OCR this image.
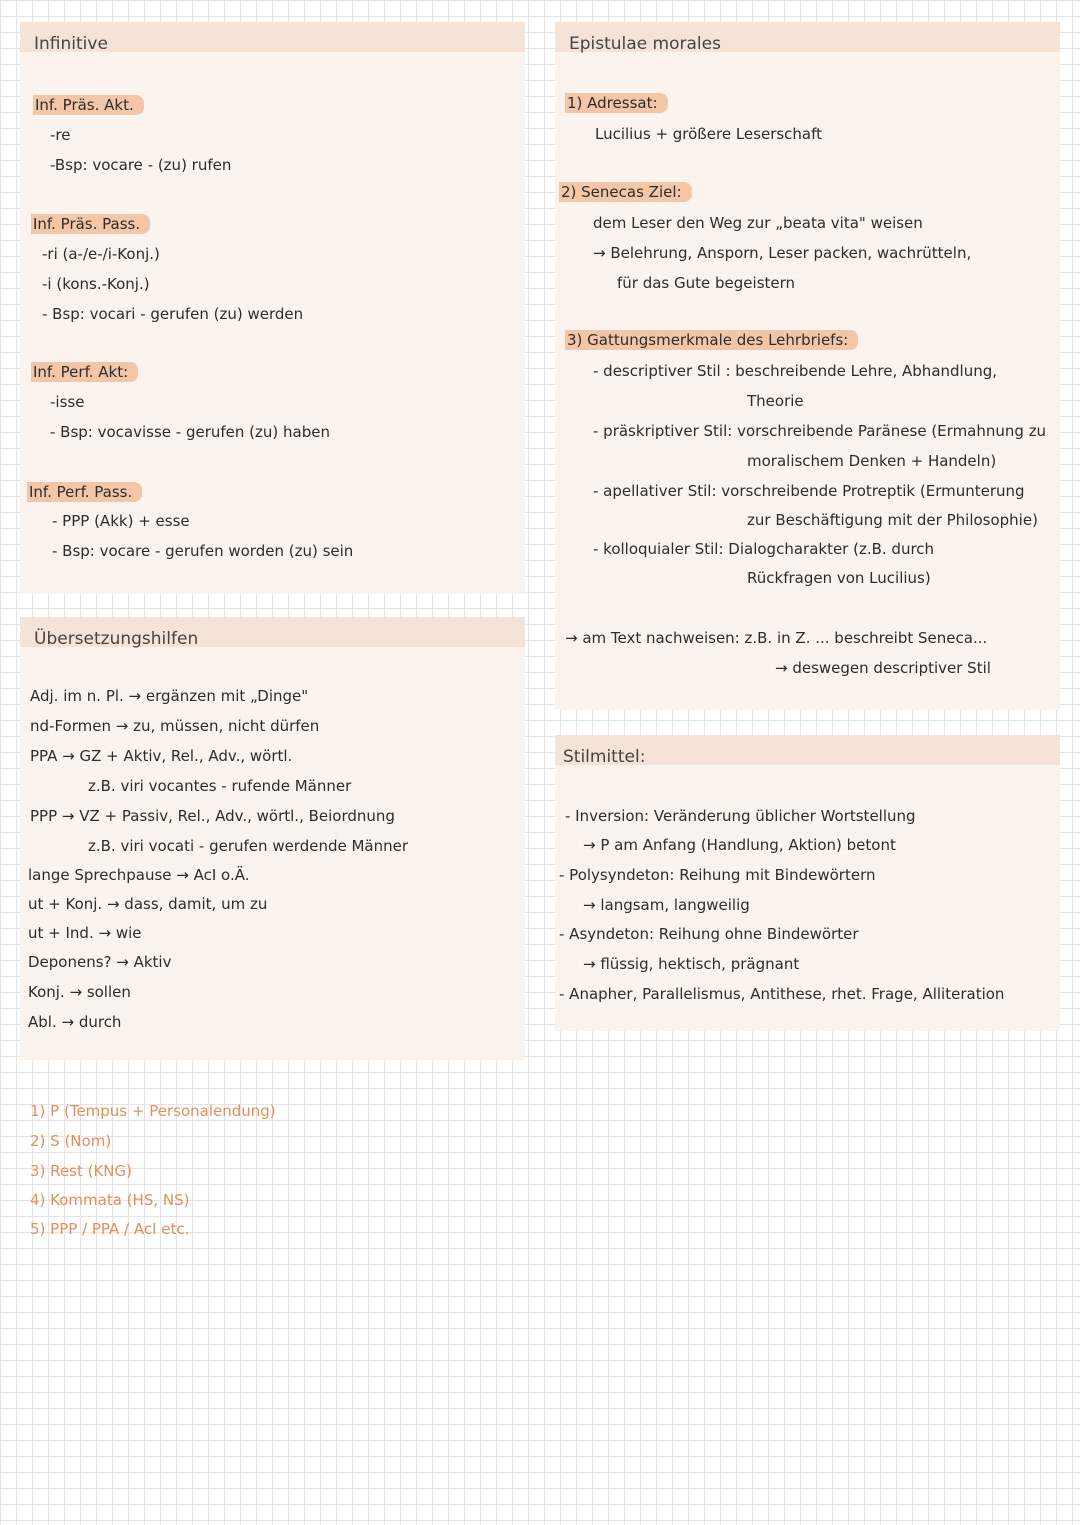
Infinitive
Inf. Präs. Akt.
-re
-Bsp: vocare - (zu) rufen
Inf. Präs. Pass.
-ri (a-/e-/i-Konj.)
-i (kons.-Konj.)
- Bsp: vocari - gerufen (zu) werden
Inf. Perf. Akt:
-isse
- Bsp: vocavisse - gerufen (zu) haben
Inf. Perf. Pass.
- PPP (Akk) + esse
- Bsp: vocare - gerufen worden (zu) sein
Übersetzungshilfen
Adj. im n. Pl. → ergänzen mit „Dinge"
nd-Formen → zu, müssen, nicht dürfen
PPA → GZ + Aktiv, Rel., Adv., wörtl.
z.B. viri vocantes - rufende Männer
PPP → VZ + Passiv, Rel., Adv., wörtl., Beiordnung
z.B. viri vocati - gerufen werdende Männer
lange Sprechpause → AcI o.Ä.
ut + Konj. → dass, damit, um zu
ut + Ind. → wie
Deponens? → Aktiv
Konj. → sollen
Abl. → durch
1) P (Tempus + Personalendung)
2) S (Nom)
3) Rest (KNG)
4) Kommata (HS, NS)
5) PPP / PPA / AcI etc.
Epistulae morales
1) Adressat:
Lucilius + größere Leserschaft
2) Senecas Ziel:
dem Leser den Weg zur „beata vita" weisen
→ Belehrung, Ansporn, Leser packen, wachrütteln,
für das Gute begeistern
3) Gattungsmerkmale des Lehrbriefs:
- descriptiver Stil : beschreibende Lehre, Abhandlung,
Theorie
- präskriptiver Stil: vorschreibende Paränese (Ermahnung zu
moralischem Denken + Handeln)
- apellativer Stil: vorschreibende Protreptik (Ermunterung
zur Beschäftigung mit der Philosophie)
- kolloquialer Stil: Dialogcharakter (z.B. durch
Rückfragen von Lucilius)
→ am Text nachweisen: z.B. in Z. ... beschreibt Seneca...
→ deswegen descriptiver Stil
Stilmittel:
- Inversion: Veränderung üblicher Wortstellung
→ P am Anfang (Handlung, Aktion) betont
- Polysyndeton: Reihung mit Bindewörtern
→ langsam, langweilig
- Asyndeton: Reihung ohne Bindewörter
→ flüssig, hektisch, prägnant
- Anapher, Parallelismus, Antithese, rhet. Frage, Alliteration
